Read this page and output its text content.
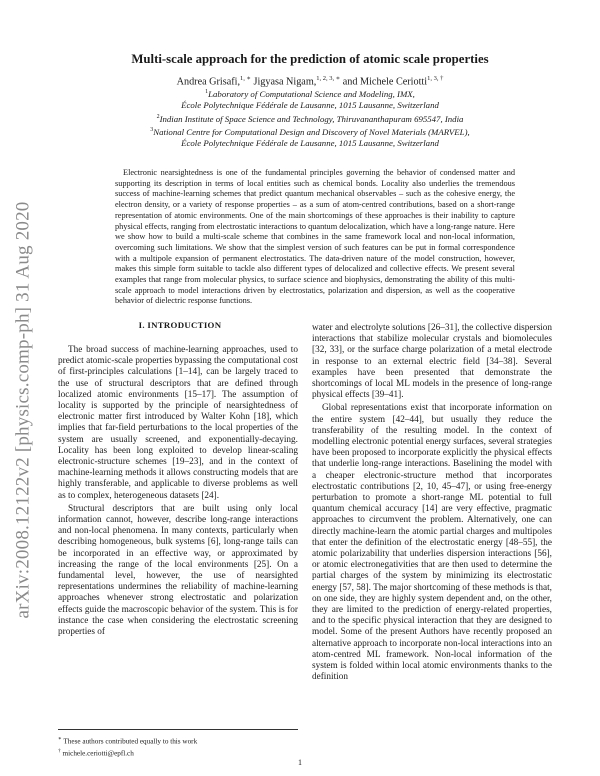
arXiv:2008.12122v2 [physics.comp-ph] 31 Aug 2020
Multi-scale approach for the prediction of atomic scale properties
Andrea Grisafi,$^{1, ∗}$ Jigyasa Nigam,$^{1, 2, 3, ∗}$ and Michele Ceriotti$^{1, 3, \dagger}$
$^1$Laboratory of Computational Science and Modeling, IMX,
École Polytechnique Fédérale de Lausanne, 1015 Lausanne, Switzerland
$^2$Indian Institute of Space Science and Technology, Thiruvananthapuram 695547, India
$^3$National Centre for Computational Design and Discovery of Novel Materials (MARVEL),
École Polytechnique Fédérale de Lausanne, 1015 Lausanne, Switzerland
Electronic nearsightedness is one of the fundamental principles governing the behavior of condensed matter and supporting its description in terms of local entities such as chemical bonds. Locality also underlies the tremendous success of machine-learning schemes that predict quantum mechanical observables – such as the cohesive energy, the electron density, or a variety of response properties – as a sum of atom-centred contributions, based on a short-range representation of atomic environments. One of the main shortcomings of these approaches is their inability to capture physical effects, ranging from electrostatic interactions to quantum delocalization, which have a long-range nature. Here we show how to build a multi-scale scheme that combines in the same framework local and non-local information, overcoming such limitations. We show that the simplest version of such features can be put in formal correspondence with a multipole expansion of permanent electrostatics. The data-driven nature of the model construction, however, makes this simple form suitable to tackle also different types of delocalized and collective effects. We present several examples that range from molecular physics, to surface science and biophysics, demonstrating the ability of this multi-scale approach to model interactions driven by electrostatics, polarization and dispersion, as well as the cooperative behavior of dielectric response functions.
I. INTRODUCTION

The broad success of machine-learning approaches, used to predict atomic-scale properties bypassing the computational cost of first-principles calculations [1–14], can be largely traced to the use of structural descriptors that are defined through localized atomic environments [15–17]. The assumption of locality is supported by the principle of nearsightedness of electronic matter first introduced by Walter Kohn [18], which implies that far-field perturbations to the local properties of the system are usually screened, and exponentially-decaying. Locality has been long exploited to develop linear-scaling electronic-structure schemes [19–23], and in the context of machine-learning methods it allows constructing models that are highly transferable, and applicable to diverse problems as well as to complex, heterogeneous datasets [24].

Structural descriptors that are built using only local information cannot, however, describe long-range interactions and non-local phenomena. In many contexts, particularly when describing homogeneous, bulk systems [6], long-range tails can be incorporated in an effective way, or approximated by increasing the range of the local environments [25]. On a fundamental level, however, the use of nearsighted representations undermines the reliability of machine-learning approaches whenever strong electrostatic and polarization effects guide the macroscopic behavior of the system. This is for instance the case when considering the electrostatic screening properties of

water and electrolyte solutions [26–31], the collective dispersion interactions that stabilize molecular crystals and biomolecules [32, 33], or the surface charge polarization of a metal electrode in response to an external electric field [34–38]. Several examples have been presented that demonstrate the shortcomings of local ML models in the presence of long-range physical effects [39–41].

Global representations exist that incorporate information on the entire system [42–44], but usually they reduce the transferability of the resulting model. In the context of modelling electronic potential energy surfaces, several strategies have been proposed to incorporate explicitly the physical effects that underlie long-range interactions. Baselining the model with a cheaper electronic-structure method that incorporates electrostatic contributions [2, 10, 45–47], or using free-energy perturbation to promote a short-range ML potential to full quantum chemical accuracy [14] are very effective, pragmatic approaches to circumvent the problem. Alternatively, one can directly machine-learn the atomic partial charges and multipoles that enter the definition of the electrostatic energy [48–55], the atomic polarizability that underlies dispersion interactions [56], or atomic electronegativities that are then used to determine the partial charges of the system by minimizing its electrostatic energy [57, 58]. The major shortcoming of these methods is that, on one side, they are highly system dependent and, on the other, they are limited to the prediction of energy-related properties, and to the specific physical interaction that they are designed to model. Some of the present Authors have recently proposed an alternative approach to incorporate non-local interactions into an atom-centred ML framework. Non-local information of the system is folded within local atomic environments thanks to the definition

∗ These authors contributed equally to this work
† michele.ceriotti@epfl.ch
1
